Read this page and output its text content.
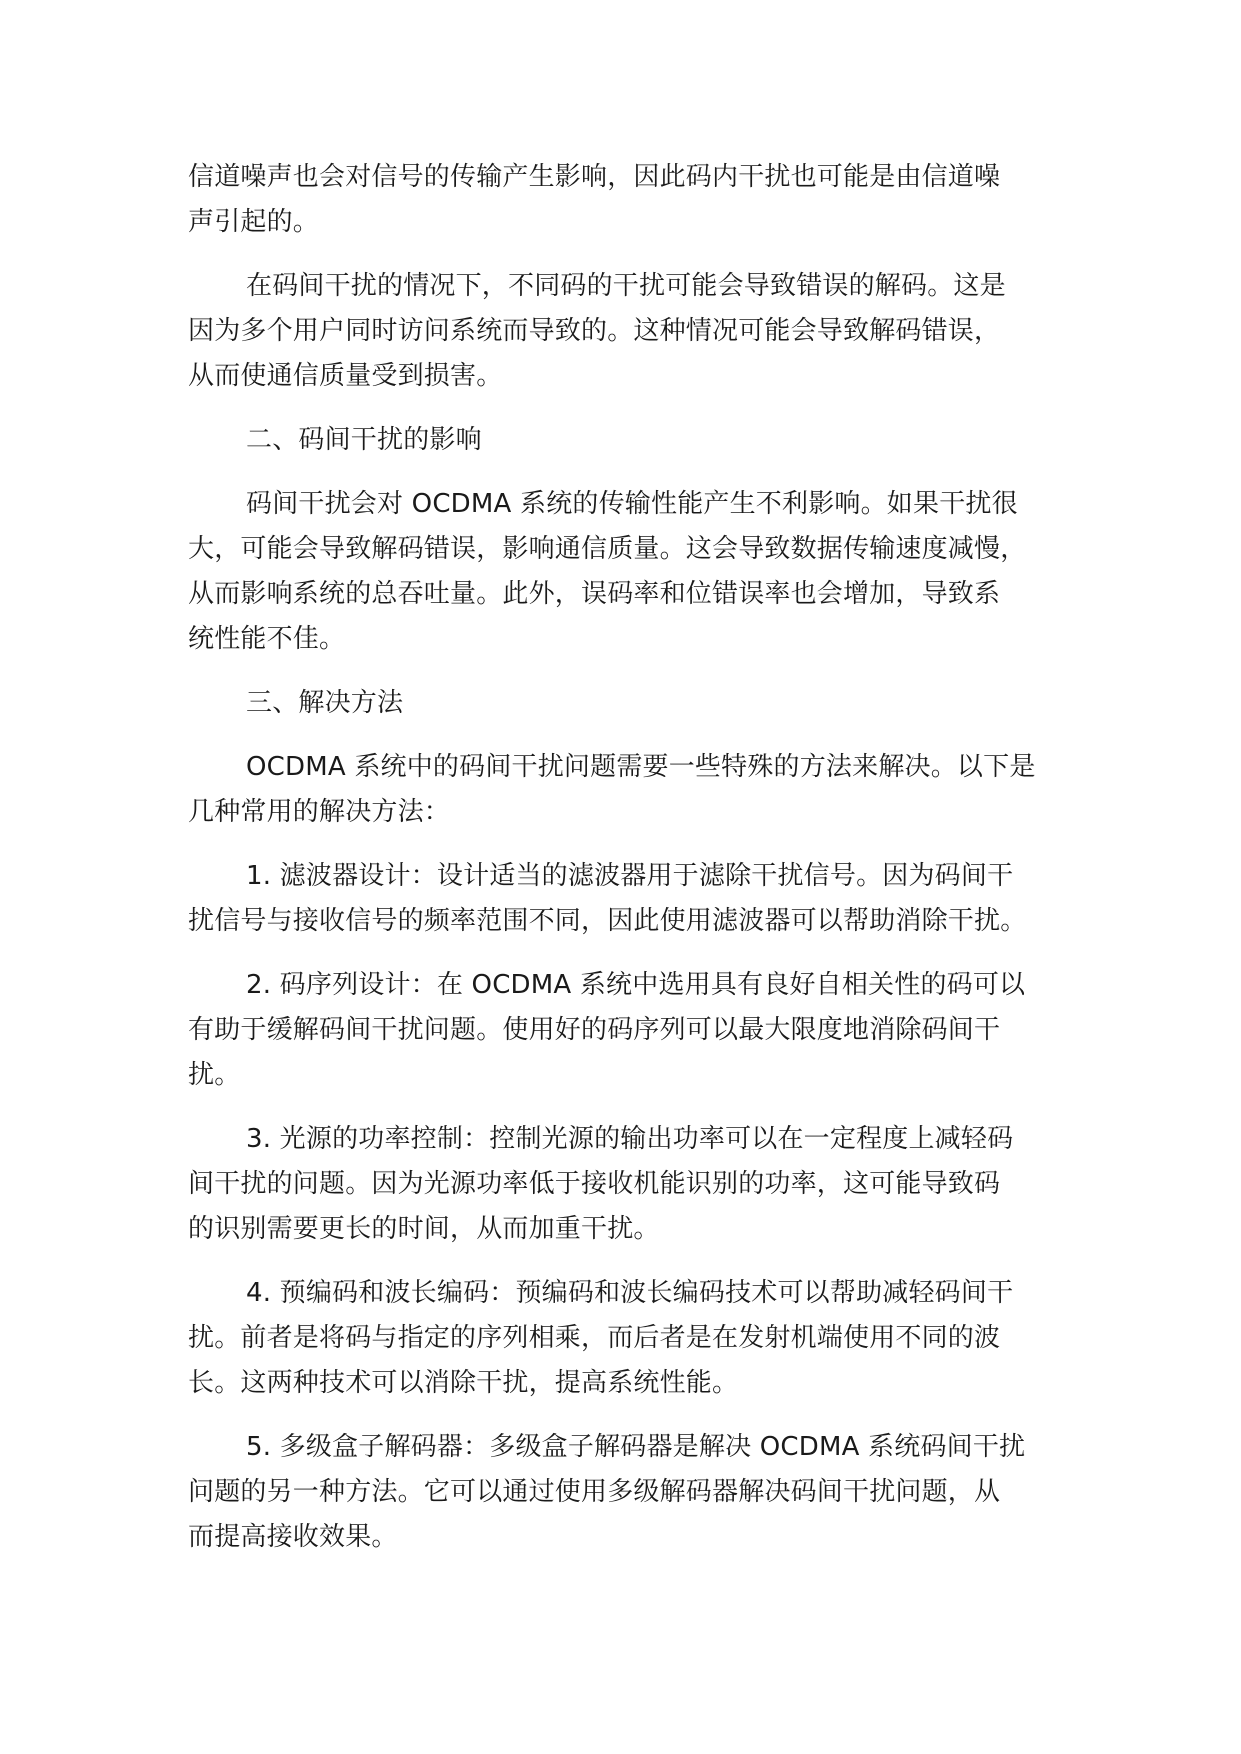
信道噪声也会对信号的传输产生影响，因此码内干扰也可能是由信道噪
声引起的。

在码间干扰的情况下，不同码的干扰可能会导致错误的解码。这是
因为多个用户同时访问系统而导致的。这种情况可能会导致解码错误，
从而使通信质量受到损害。

二、码间干扰的影响

码间干扰会对 OCDMA 系统的传输性能产生不利影响。如果干扰很
大，可能会导致解码错误，影响通信质量。这会导致数据传输速度减慢，
从而影响系统的总吞吐量。此外，误码率和位错误率也会增加，导致系
统性能不佳。

三、解决方法

OCDMA 系统中的码间干扰问题需要一些特殊的方法来解决。以下是
几种常用的解决方法：

1. 滤波器设计：设计适当的滤波器用于滤除干扰信号。因为码间干
扰信号与接收信号的频率范围不同，因此使用滤波器可以帮助消除干扰。

2. 码序列设计：在 OCDMA 系统中选用具有良好自相关性的码可以
有助于缓解码间干扰问题。使用好的码序列可以最大限度地消除码间干
扰。

3. 光源的功率控制：控制光源的输出功率可以在一定程度上减轻码
间干扰的问题。因为光源功率低于接收机能识别的功率，这可能导致码
的识别需要更长的时间，从而加重干扰。

4. 预编码和波长编码：预编码和波长编码技术可以帮助减轻码间干
扰。前者是将码与指定的序列相乘，而后者是在发射机端使用不同的波
长。这两种技术可以消除干扰，提高系统性能。

5. 多级盒子解码器：多级盒子解码器是解决 OCDMA 系统码间干扰
问题的另一种方法。它可以通过使用多级解码器解决码间干扰问题，从
而提高接收效果。
